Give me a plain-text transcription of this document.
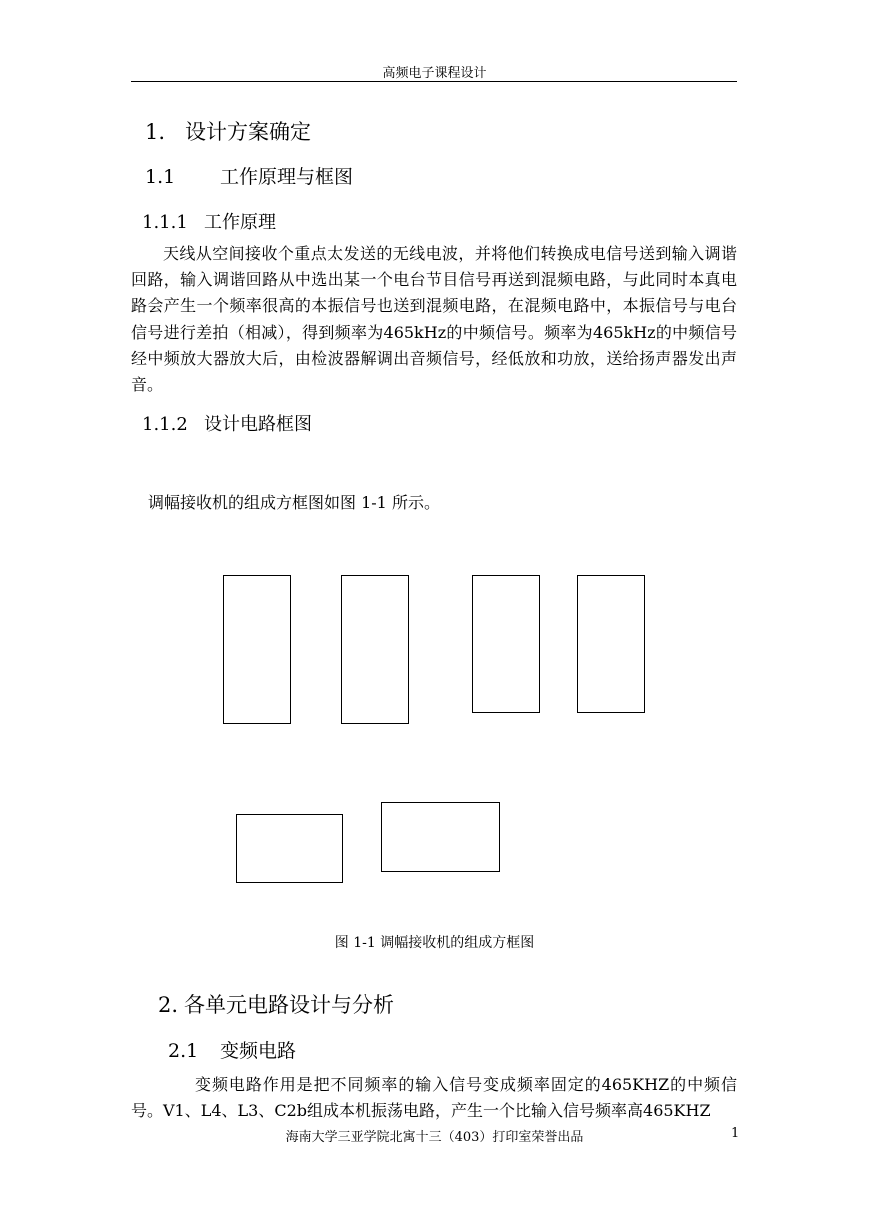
高频电子课程设计
1. 设计方案确定
1.1 工作原理与框图
1.1.1 工作原理

天线从空间接收个重点太发送的无线电波，并将他们转换成电信号送到输入调谐回路，输入调谐回路从中选出某一个电台节目信号再送到混频电路，与此同时本真电路会产生一个频率很高的本振信号也送到混频电路，在混频电路中，本振信号与电台信号进行差拍（相减），得到频率为465kHz的中频信号。频率为465kHz的中频信号经中频放大器放大后，由检波器解调出音频信号，经低放和功放，送给扬声器发出声音。

1.1.2 设计电路框图
调幅接收机的组成方框图如图 1-1 所示。
图 1-1 调幅接收机的组成方框图
2. 各单元电路设计与分析
2.1 变频电路

变频电路作用是把不同频率的输入信号变成频率固定的465KHZ的中频信号。V1、L4、L3、C2b组成本机振荡电路，产生一个比输入信号频率高465KHZ

海南大学三亚学院北寓十三（403）打印室荣誉出品	1
